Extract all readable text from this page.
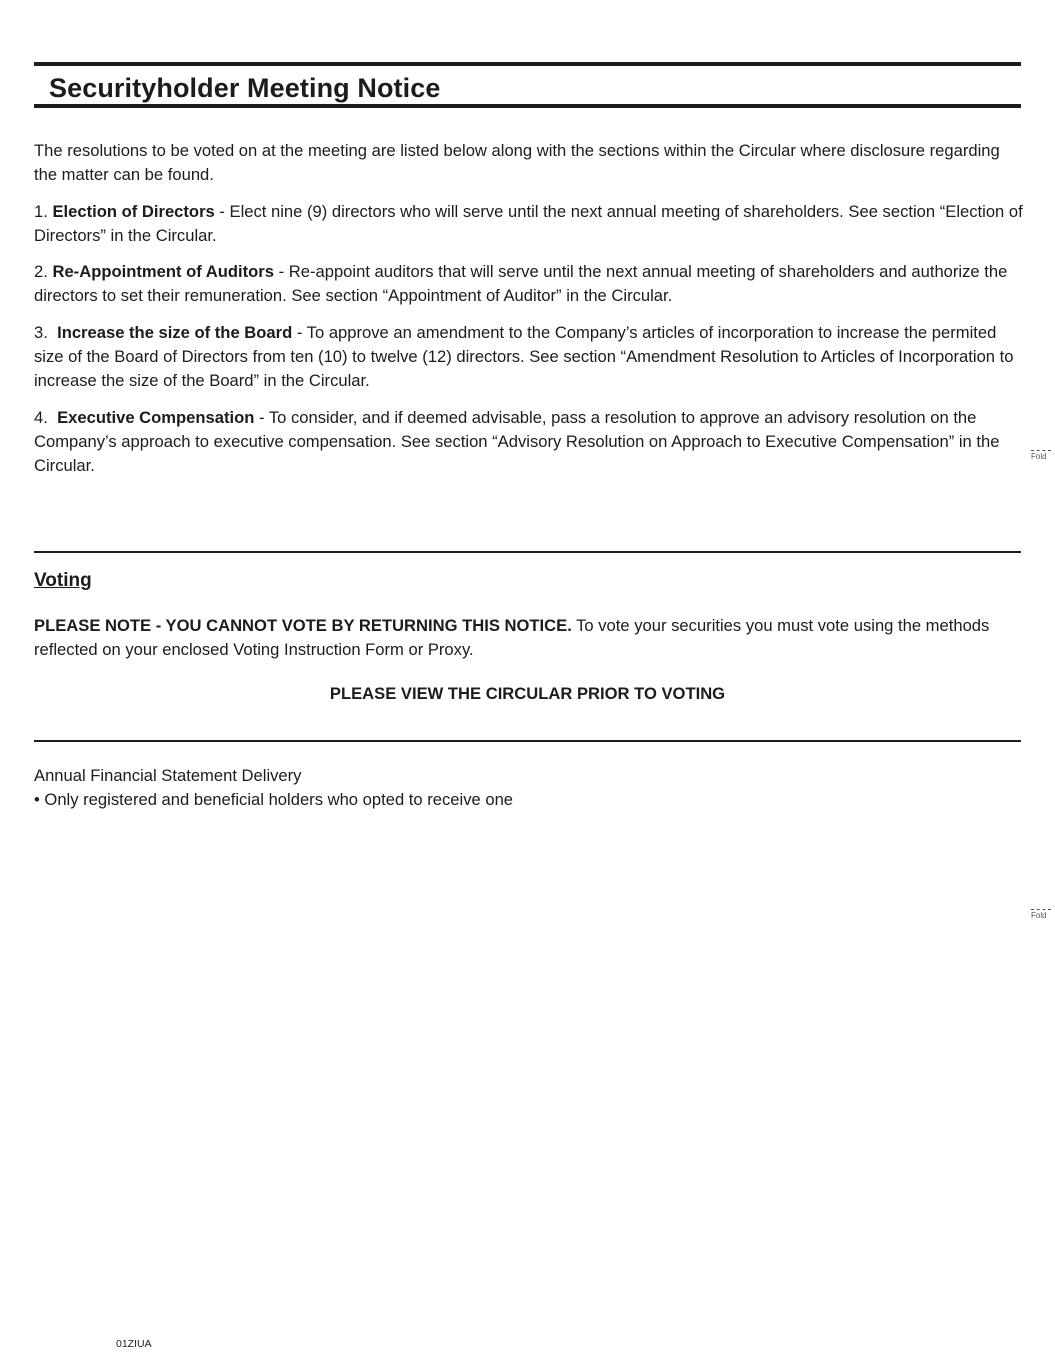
Securityholder Meeting Notice

The resolutions to be voted on at the meeting are listed below along with the sections within the Circular where disclosure regarding the matter can be found.

1. Election of Directors - Elect nine (9) directors who will serve until the next annual meeting of shareholders. See section “Election of Directors” in the Circular.

2. Re-Appointment of Auditors - Re-appoint auditors that will serve until the next annual meeting of shareholders and authorize the directors to set their remuneration. See section “Appointment of Auditor” in the Circular.

3. Increase the size of the Board - To approve an amendment to the Company’s articles of incorporation to increase the permited size of the Board of Directors from ten (10) to twelve (12) directors. See section “Amendment Resolution to Articles of Incorporation to increase the size of the Board” in the Circular.

4. Executive Compensation - To consider, and if deemed advisable, pass a resolution to approve an advisory resolution on the Company’s approach to executive compensation. See section “Advisory Resolution on Approach to Executive Compensation” in the Circular.

Voting

PLEASE NOTE - YOU CANNOT VOTE BY RETURNING THIS NOTICE. To vote your securities you must vote using the methods reflected on your enclosed Voting Instruction Form or Proxy.

PLEASE VIEW THE CIRCULAR PRIOR TO VOTING

Annual Financial Statement Delivery

• Only registered and beneficial holders who opted to receive one

Fold
Fold
01ZIUA
